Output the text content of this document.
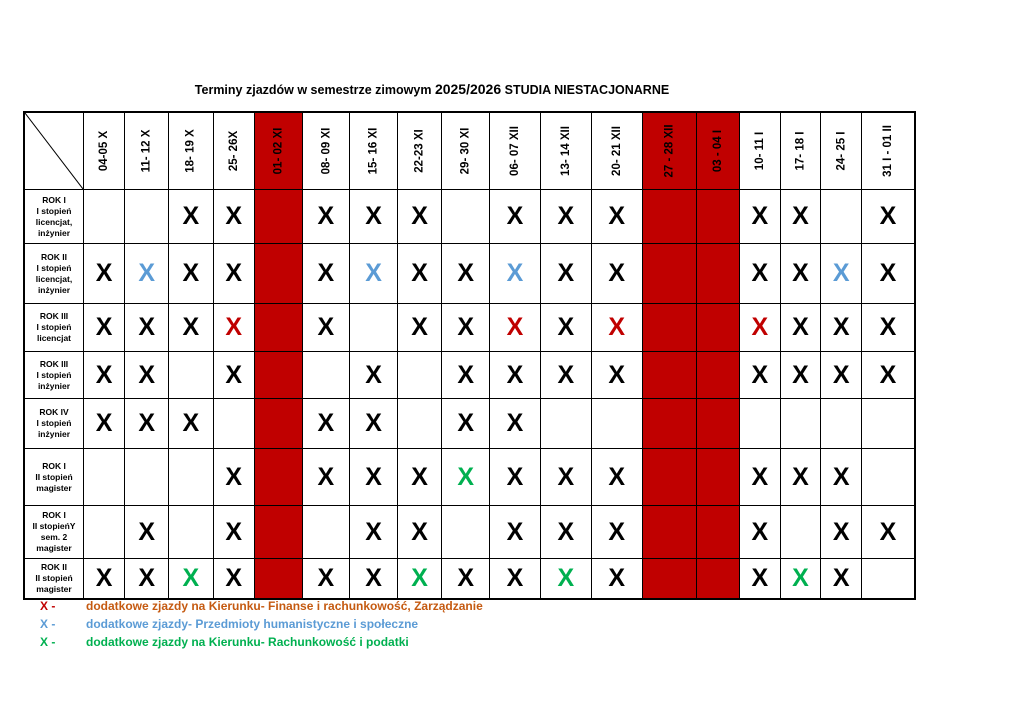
Terminy zjazdów w semestrze zimowym 2025/2026 STUDIA NIESTACJONARNE
	04-05 X	11- 12 X	18- 19 X	25- 26X	01- 02 XI	08- 09 XI	15- 16 XI	22-23 XI	29- 30 XI	06- 07 XII	13- 14 XII	20- 21 XII	27 - 28 XII	03 - 04 I	10- 11 I	17- 18 I	24- 25 I	31 I - 01 II

ROK I
I stopień
licencjat,
inżynier			X	X		X	X	X		X	X	X			X	X		X

ROK II
I stopień
licencjat,
inżynier	X	X	X	X		X	X	X	X	X	X	X			X	X	X	X

ROK III
I stopień
licencjat	X	X	X	X		X		X	X	X	X	X			X	X	X	X

ROK III
I stopień
inżynier	X	X		X			X		X	X	X	X			X	X	X	X

ROK IV
I stopień
inżynier	X	X	X			X	X		X	X								

ROK I
II stopień
magister				X		X	X	X	X	X	X	X			X	X	X	

ROK I
II stopieńY
sem. 2
magister		X		X			X	X		X	X	X			X		X	X

ROK II
II stopień
magister	X	X	X	X		X	X	X	X	X	X	X			X	X	X	
X -	dodatkowe zjazdy na Kierunku- Finanse i rachunkowość, Zarządzanie
X -	dodatkowe zjazdy- Przedmioty humanistyczne i społeczne
X -	dodatkowe zjazdy na Kierunku- Rachunkowość i podatki
